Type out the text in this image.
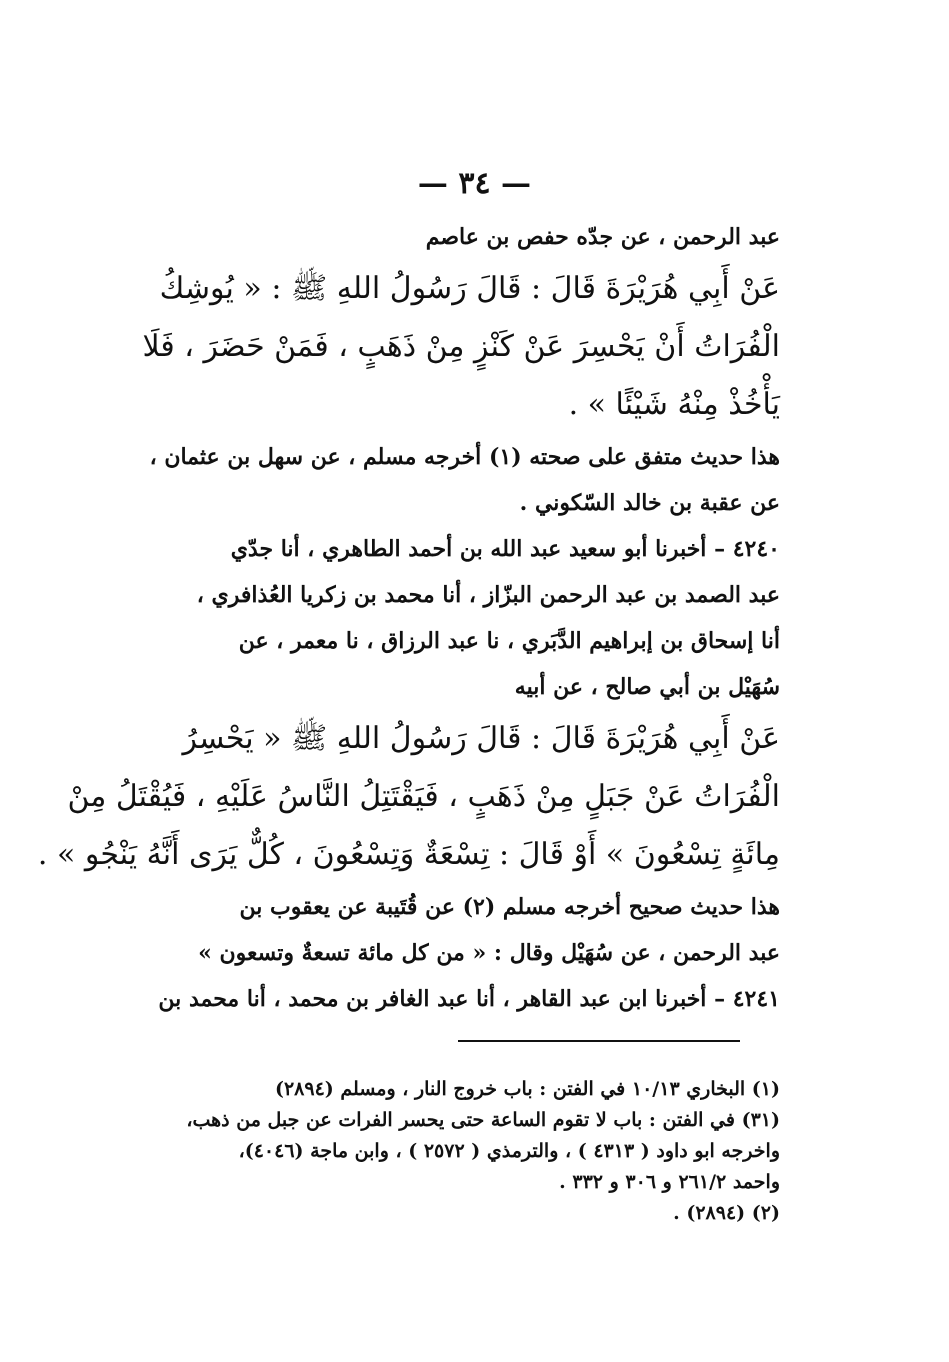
— ٣٤ —
عبد الرحمن ، عن جدّه حفص بن عاصم
عَنْ أَبِي هُرَيْرَةَ قَالَ : قَالَ رَسُولُ اللهِ ﷺ : « يُوشِكُ
الْفُرَاتُ أَنْ يَحْسِرَ عَنْ كَنْزٍ مِنْ ذَهَبٍ ، فَمَنْ حَضَرَ ، فَلَا
يَأْخُذْ مِنْهُ شَيْئًا » .
هذا حديث متفق على صحته (١) أخرجه مسلم ، عن سهل بن عثمان ،
عن عقبة بن خالد السّكوني .
٤٢٤٠ – أخبرنا أبو سعيد عبد الله بن أحمد الطاهري ، أنا جدّي
عبد الصمد بن عبد الرحمن البزّاز ، أنا محمد بن زكريا العُذافري ،
أنا إسحاق بن إبراهيم الدَّبَري ، نا عبد الرزاق ، نا معمر ، عن
سُهَيْل بن أبي صالح ، عن أبيه
عَنْ أَبِي هُرَيْرَةَ قَالَ : قَالَ رَسُولُ اللهِ ﷺ « يَحْسِرُ
الْفُرَاتُ عَنْ جَبَلٍ مِنْ ذَهَبٍ ، فَيَقْتَتِلُ النَّاسُ عَلَيْهِ ، فَيُقْتَلُ مِنْ
مِائَةٍ تِسْعُونَ » أَوْ قَالَ : تِسْعَةٌ وَتِسْعُونَ ، كُلٌّ يَرَى أَنَّهُ يَنْجُو » .
هذا حديث صحيح أخرجه مسلم (٢) عن قُتَيبة عن يعقوب بن
عبد الرحمن ، عن سُهَيْل وقال : « من كل مائة تسعةٌ وتسعون »
٤٢٤١ – أخبرنا ابن عبد القاهر ، أنا عبد الغافر بن محمد ، أنا محمد بن
(١) البخاري ١٠/١٣ في الفتن : باب خروج النار ، ومسلم (٢٨٩٤)
(٣١) في الفتن : باب لا تقوم الساعة حتى يحسر الفرات عن جبل من ذهب،
واخرجه ابو داود ( ٤٣١٣ ) ، والترمذي ( ٢٥٧٢ ) ، وابن ماجة (٤٠٤٦)،
واحمد ٢٦١/٢ و ٣٠٦ و ٣٣٢ .
(٢) (٢٨٩٤) .
